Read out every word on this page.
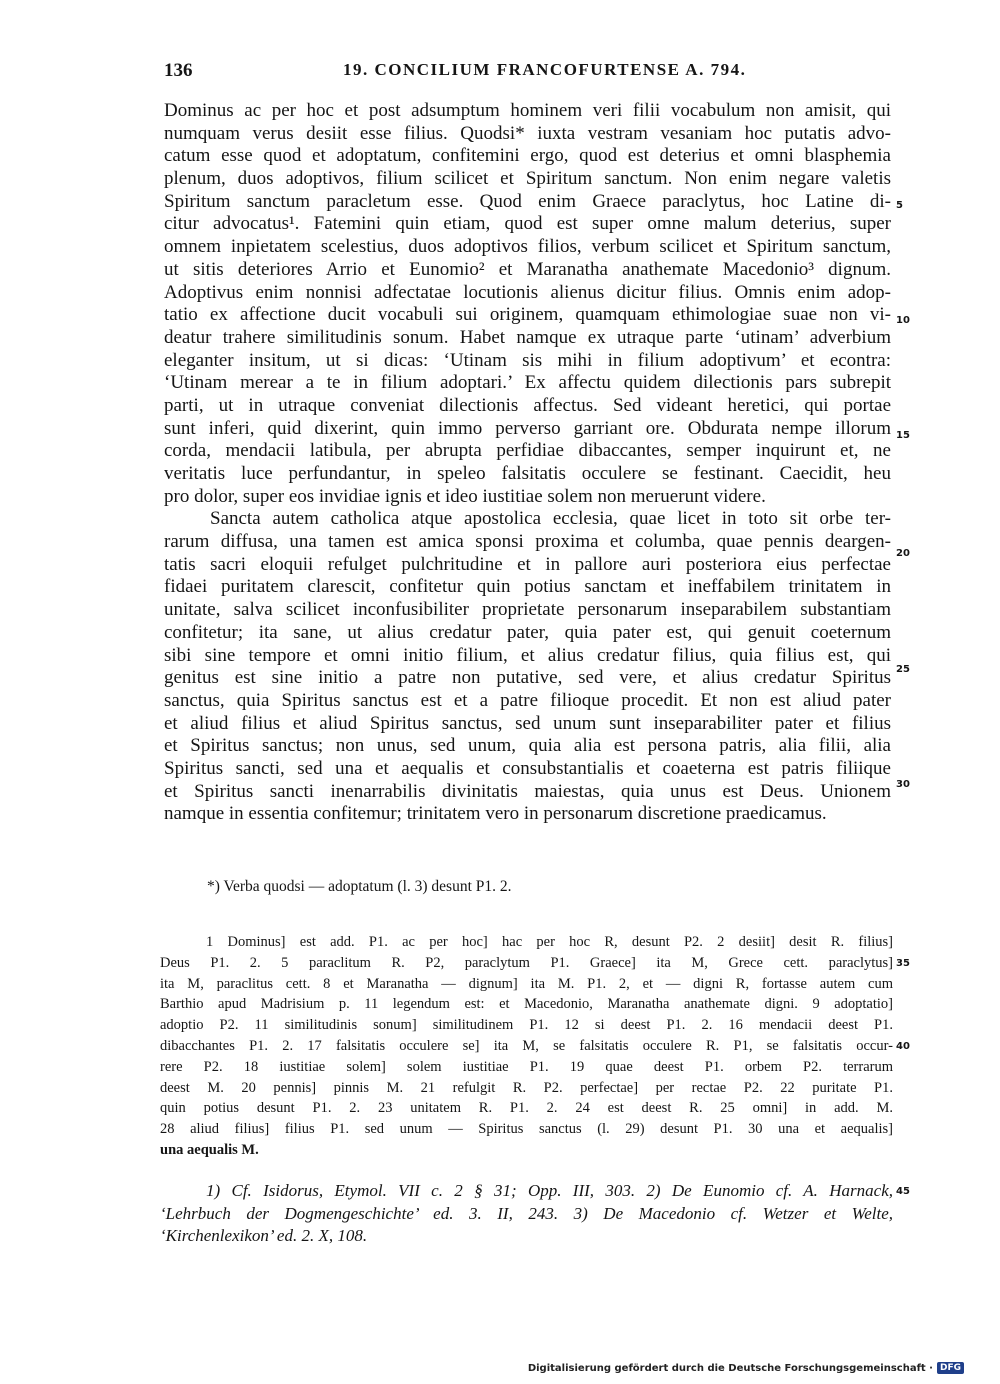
136	19. CONCILIUM FRANCOFURTENSE A. 794.
Dominus ac per hoc et post adsumptum hominem veri filii vocabulum non amisit, qui
numquam verus desiit esse filius. Quodsi* iuxta vestram vesaniam hoc putatis advo-
catum esse quod et adoptatum, confitemini ergo, quod est deterius et omni blasphemia
plenum, duos adoptivos, filium scilicet et Spiritum sanctum. Non enim negare valetis
Spiritum sanctum paracletum esse. Quod enim Graece paraclytus, hoc Latine di-
citur advocatus¹. Fatemini quin etiam, quod est super omne malum deterius, super
omnem inpietatem scelestius, duos adoptivos filios, verbum scilicet et Spiritum sanctum,
ut sitis deteriores Arrio et Eunomio² et Maranatha anathemate Macedonio³ dignum.
Adoptivus enim nonnisi adfectatae locutionis alienus dicitur filius. Omnis enim adop-
tatio ex affectione ducit vocabuli sui originem, quamquam ethimologiae suae non vi-
deatur trahere similitudinis sonum. Habet namque ex utraque parte ‘utinam’ adverbium
eleganter insitum, ut si dicas: ‘Utinam sis mihi in filium adoptivum’ et econtra:
‘Utinam merear a te in filium adoptari.’ Ex affectu quidem dilectionis pars subrepit
parti, ut in utraque conveniat dilectionis affectus. Sed videant heretici, qui portae
sunt inferi, quid dixerint, quin immo perverso garriant ore. Obdurata nempe illorum
corda, mendacii latibula, per abrupta perfidiae dibaccantes, semper inquirunt et, ne
veritatis luce perfundantur, in speleo falsitatis occulere se festinant. Caecidit, heu
pro dolor, super eos invidiae ignis et ideo iustitiae solem non meruerunt videre.
Sancta autem catholica atque apostolica ecclesia, quae licet in toto sit orbe ter-
rarum diffusa, una tamen est amica sponsi proxima et columba, quae pennis deargen-
tatis sacri eloquii refulget pulchritudine et in pallore auri posteriora eius perfectae
fidaei puritatem clarescit, confitetur quin potius sanctam et ineffabilem trinitatem in
unitate, salva scilicet inconfusibiliter proprietate personarum inseparabilem substantiam
confitetur; ita sane, ut alius credatur pater, quia pater est, qui genuit coeternum
sibi sine tempore et omni initio filium, et alius credatur filius, quia filius est, qui
genitus est sine initio a patre non putative, sed vere, et alius credatur Spiritus
sanctus, quia Spiritus sanctus est et a patre filioque procedit. Et non est aliud pater
et aliud filius et aliud Spiritus sanctus, sed unum sunt inseparabiliter pater et filius
et Spiritus sanctus; non unus, sed unum, quia alia est persona patris, alia filii, alia
Spiritus sancti, sed una et aequalis et consubstantialis et coaeterna est patris filiique
et Spiritus sancti inenarrabilis divinitatis maiestas, quia unus est Deus. Unionem
namque in essentia confitemur; trinitatem vero in personarum discretione praedicamus.
5
10
15
20
25
30
35
40
45
*) Verba quodsi — adoptatum (l. 3) desunt P1. 2.
1 Dominus] est add. P1. ac per hoc] hac per hoc R, desunt P2. 2 desiit] desit R. filius]
Deus P1. 2. 5 paraclitum R. P2, paraclytum P1. Graece] ita M, Grece cett. paraclytus]
ita M, paraclitus cett. 8 et Maranatha — dignum] ita M. P1. 2, et — digni R, fortasse autem cum
Barthio apud Madrisium p. 11 legendum est: et Macedonio, Maranatha anathemate digni. 9 adoptatio]
adoptio P2. 11 similitudinis sonum] similitudinem P1. 12 si deest P1. 2. 16 mendacii deest P1.
dibacchantes P1. 2. 17 falsitatis occulere se] ita M, se falsitatis occulere R. P1, se falsitatis occur-
rere P2. 18 iustitiae solem] solem iustitiae P1. 19 quae deest P1. orbem P2. terrarum
deest M. 20 pennis] pinnis M. 21 refulgit R. P2. perfectae] per rectae P2. 22 puritate P1.
quin potius desunt P1. 2. 23 unitatem R. P1. 2. 24 est deest R. 25 omni] in add. M.
28 aliud filius] filius P1. sed unum — Spiritus sanctus (l. 29) desunt P1. 30 una et aequalis]
una aequalis M.
1) Cf. Isidorus, Etymol. VII c. 2 § 31; Opp. III, 303. 2) De Eunomio cf. A. Harnack,
‘Lehrbuch der Dogmengeschichte’ ed. 3. II, 243. 3) De Macedonio cf. Wetzer et Welte,
‘Kirchenlexikon’ ed. 2. X, 108.
Digitalisierung gefördert durch die Deutsche Forschungsgemeinschaft · DFG
